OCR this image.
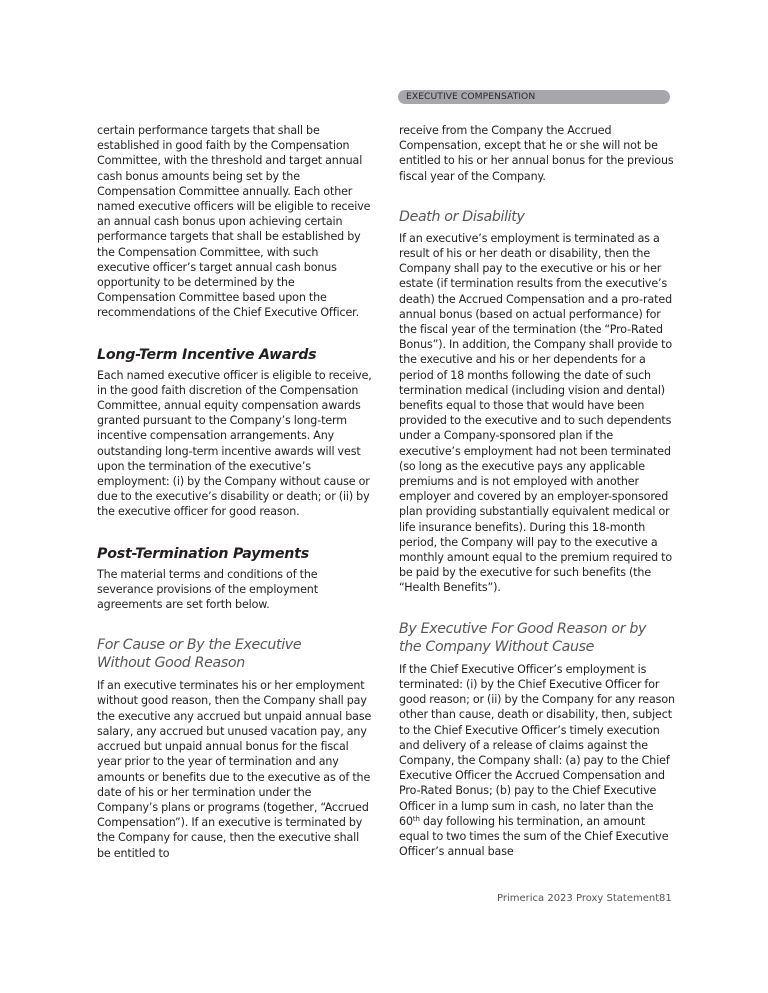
EXECUTIVE COMPENSATION

certain performance targets that shall be established in good faith by the Compensation Committee, with the threshold and target annual cash bonus amounts being set by the Compensation Committee annually. Each other named executive officers will be eligible to receive an annual cash bonus upon achieving certain performance targets that shall be established by the Compensation Committee, with such executive officer’s target annual cash bonus opportunity to be determined by the Compensation Committee based upon the recommendations of the Chief Executive Officer.

Long-Term Incentive Awards

Each named executive officer is eligible to receive, in the good faith discretion of the Compensation Committee, annual equity compensation awards granted pursuant to the Company’s long-term incentive compensation arrangements. Any outstanding long-term incentive awards will vest upon the termination of the executive’s employment: (i) by the Company without cause or due to the executive’s disability or death; or (ii) by the executive officer for good reason.

Post-Termination Payments

The material terms and conditions of the severance provisions of the employment agreements are set forth below.

For Cause or By the Executive Without Good Reason

If an executive terminates his or her employment without good reason, then the Company shall pay the executive any accrued but unpaid annual base salary, any accrued but unused vacation pay, any accrued but unpaid annual bonus for the fiscal year prior to the year of termination and any amounts or benefits due to the executive as of the date of his or her termination under the Company’s plans or programs (together, “Accrued Compensation”). If an executive is terminated by the Company for cause, then the executive shall be entitled to

receive from the Company the Accrued Compensation, except that he or she will not be entitled to his or her annual bonus for the previous fiscal year of the Company.

Death or Disability

If an executive’s employment is terminated as a result of his or her death or disability, then the Company shall pay to the executive or his or her estate (if termination results from the executive’s death) the Accrued Compensation and a pro-rated annual bonus (based on actual performance) for the fiscal year of the termination (the “Pro-Rated Bonus”). In addition, the Company shall provide to the executive and his or her dependents for a period of 18 months following the date of such termination medical (including vision and dental) benefits equal to those that would have been provided to the executive and to such dependents under a Company-sponsored plan if the executive’s employment had not been terminated (so long as the executive pays any applicable premiums and is not employed with another employer and covered by an employer-sponsored plan providing substantially equivalent medical or life insurance benefits). During this 18-month period, the Company will pay to the executive a monthly amount equal to the premium required to be paid by the executive for such benefits (the “Health Benefits”).

By Executive For Good Reason or by the Company Without Cause

If the Chief Executive Officer’s employment is terminated: (i) by the Chief Executive Officer for good reason; or (ii) by the Company for any reason other than cause, death or disability, then, subject to the Chief Executive Officer’s timely execution and delivery of a release of claims against the Company, the Company shall: (a) pay to the Chief Executive Officer the Accrued Compensation and Pro-Rated Bonus; (b) pay to the Chief Executive Officer in a lump sum in cash, no later than the 60th day following his termination, an amount equal to two times the sum of the Chief Executive Officer’s annual base

Primerica 2023 Proxy Statement 81
